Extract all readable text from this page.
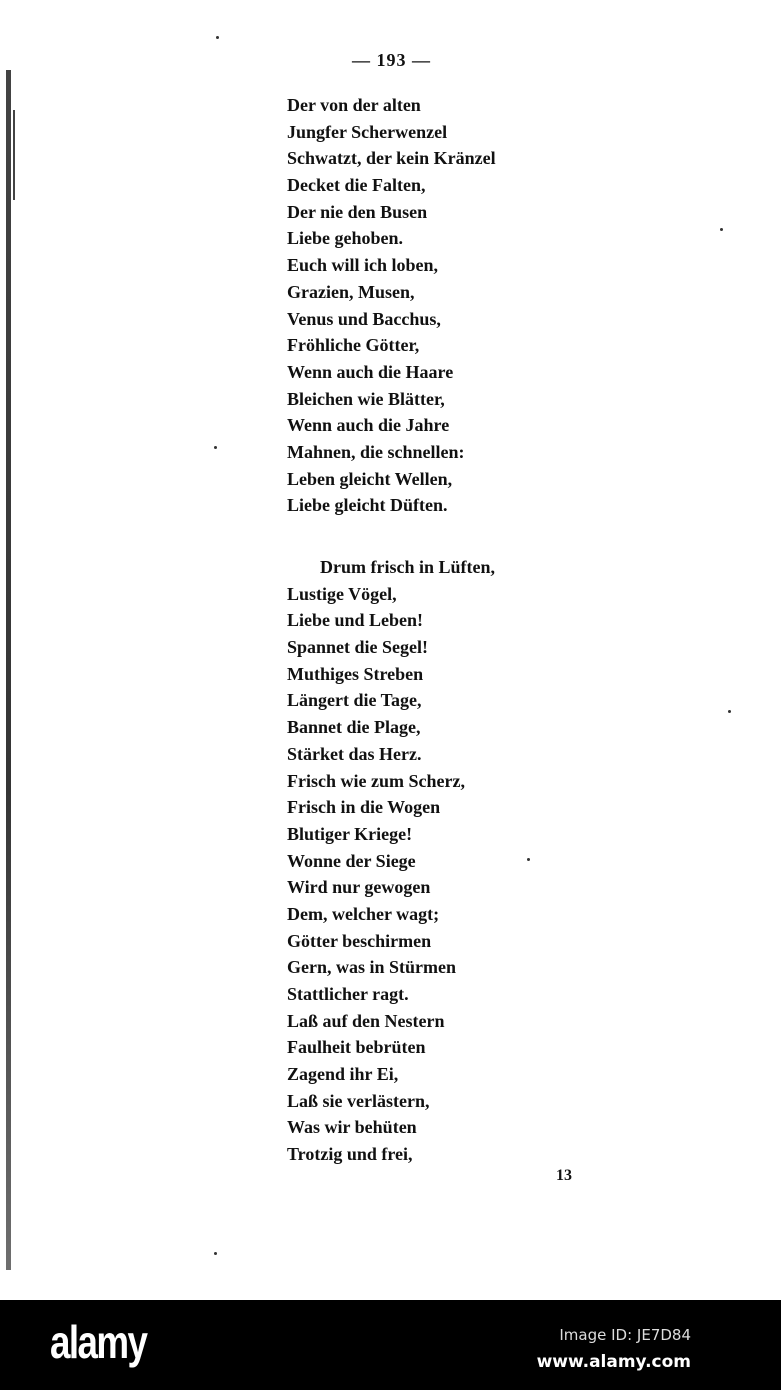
— 193 —
Der von der alten
Jungfer Scherwenzel
Schwatzt, der kein Kränzel
Decket die Falten,
Der nie den Busen
Liebe gehoben.
Euch will ich loben,
Grazien, Musen,
Venus und Bacchus,
Fröhliche Götter,
Wenn auch die Haare
Bleichen wie Blätter,
Wenn auch die Jahre
Mahnen, die schnellen:
Leben gleicht Wellen,
Liebe gleicht Düften.
Drum frisch in Lüften,
Lustige Vögel,
Liebe und Leben!
Spannet die Segel!
Muthiges Streben
Längert die Tage,
Bannet die Plage,
Stärket das Herz.
Frisch wie zum Scherz,
Frisch in die Wogen
Blutiger Kriege!
Wonne der Siege
Wird nur gewogen
Dem, welcher wagt;
Götter beschirmen
Gern, was in Stürmen
Stattlicher ragt.
Laß auf den Nestern
Faulheit bebrüten
Zagend ihr Ei,
Laß sie verlästern,
Was wir behüten
Trotzig und frei,
13
alamy	Image ID: JE7D84
www.alamy.com
